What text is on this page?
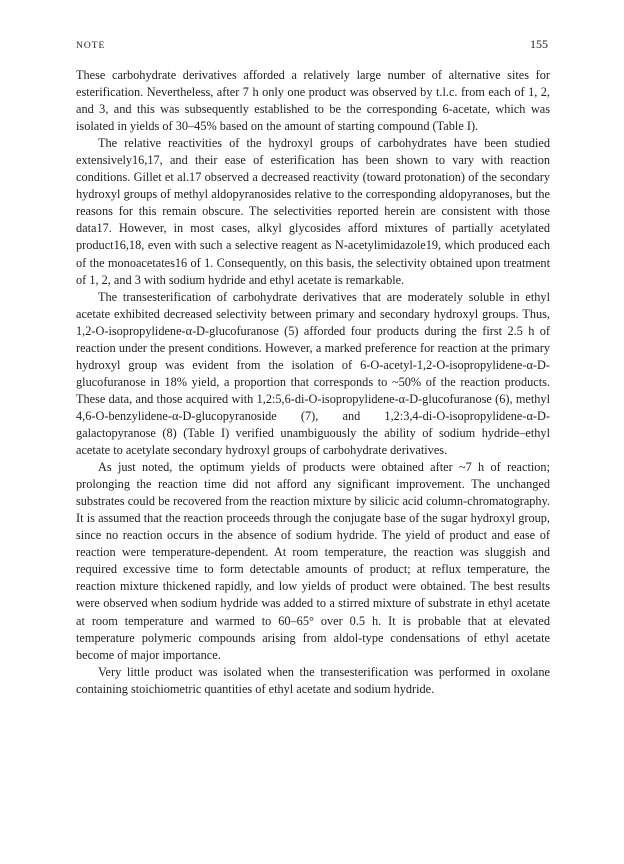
NOTE	155

These carbohydrate derivatives afforded a relatively large number of alternative sites for esterification. Nevertheless, after 7 h only one product was observed by t.l.c. from each of 1, 2, and 3, and this was subsequently established to be the corresponding 6-acetate, which was isolated in yields of 30–45% based on the amount of starting compound (Table I).

The relative reactivities of the hydroxyl groups of carbohydrates have been studied extensively16,17, and their ease of esterification has been shown to vary with reaction conditions. Gillet et al.17 observed a decreased reactivity (toward protonation) of the secondary hydroxyl groups of methyl aldopyranosides relative to the corresponding aldopyranoses, but the reasons for this remain obscure. The selectivities reported herein are consistent with those data17. However, in most cases, alkyl glycosides afford mixtures of partially acetylated product16,18, even with such a selective reagent as N-acetylimidazole19, which produced each of the monoacetates16 of 1. Consequently, on this basis, the selectivity obtained upon treatment of 1, 2, and 3 with sodium hydride and ethyl acetate is remarkable.

The transesterification of carbohydrate derivatives that are moderately soluble in ethyl acetate exhibited decreased selectivity between primary and secondary hydroxyl groups. Thus, 1,2-O-isopropylidene-α-D-glucofuranose (5) afforded four products during the first 2.5 h of reaction under the present conditions. However, a marked preference for reaction at the primary hydroxyl group was evident from the isolation of 6-O-acetyl-1,2-O-isopropylidene-α-D-glucofuranose in 18% yield, a proportion that corresponds to ~50% of the reaction products. These data, and those acquired with 1,2:5,6-di-O-isopropylidene-α-D-glucofuranose (6), methyl 4,6-O-benzylidene-α-D-glucopyranoside (7), and 1,2:3,4-di-O-isopropylidene-α-D-galactopyranose (8) (Table I) verified unambiguously the ability of sodium hydride–ethyl acetate to acetylate secondary hydroxyl groups of carbohydrate derivatives.

As just noted, the optimum yields of products were obtained after ~7 h of reaction; prolonging the reaction time did not afford any significant improvement. The unchanged substrates could be recovered from the reaction mixture by silicic acid column-chromatography. It is assumed that the reaction proceeds through the conjugate base of the sugar hydroxyl group, since no reaction occurs in the absence of sodium hydride. The yield of product and ease of reaction were temperature-dependent. At room temperature, the reaction was sluggish and required excessive time to form detectable amounts of product; at reflux temperature, the reaction mixture thickened rapidly, and low yields of product were obtained. The best results were observed when sodium hydride was added to a stirred mixture of substrate in ethyl acetate at room temperature and warmed to 60–65° over 0.5 h. It is probable that at elevated temperature polymeric compounds arising from aldol-type condensations of ethyl acetate become of major importance.

Very little product was isolated when the transesterification was performed in oxolane containing stoichiometric quantities of ethyl acetate and sodium hydride.
